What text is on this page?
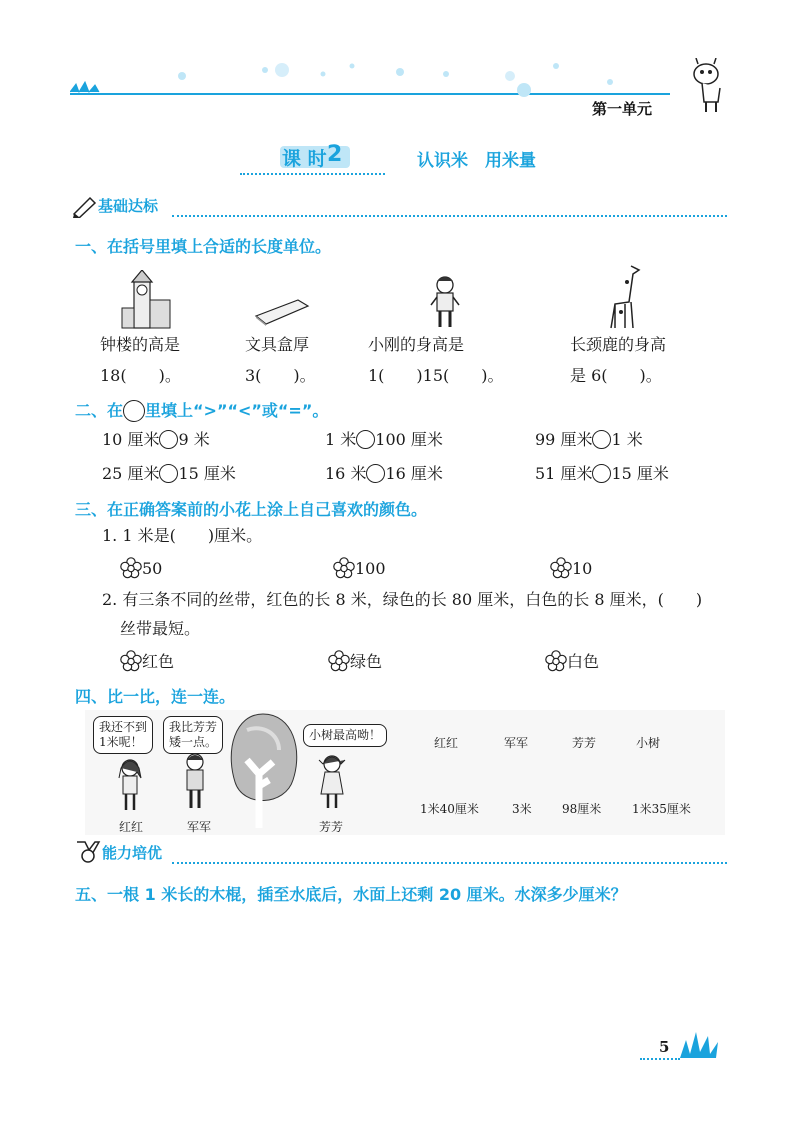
第一单元
课 时 2	认识米　用米量
基础达标
一、在括号里填上合适的长度单位。
钟楼的高是	文具盒厚	小刚的身高是	长颈鹿的身高
18(　　)。	3(　　)。	1(　　)15(　　)。	是 6(　　)。
二、在 里填上“>”“<”或“=”。
10 厘米 9 米	1 米 100 厘米	99 厘米 1 米
25 厘米 15 厘米	16 米 16 厘米	51 厘米 15 厘米
三、在正确答案前的小花上涂上自己喜欢的颜色。
1. 1 米是(　　)厘米。
50	100	10
2. 有三条不同的丝带，红色的长 8 米，绿色的长 80 厘米，白色的长 8 厘米，(　　)
丝带最短。
红色	绿色	白色
四、比一比，连一连。
我还不到
1米呢！
我比芳芳
矮一点。	小树最高呦！
红红	军军	芳芳
红红	军军	芳芳	小树
1米40厘米	3米	98厘米	1米35厘米
能力培优
五、一根 1 米长的木棍，插至水底后，水面上还剩 20 厘米。水深多少厘米？
5
